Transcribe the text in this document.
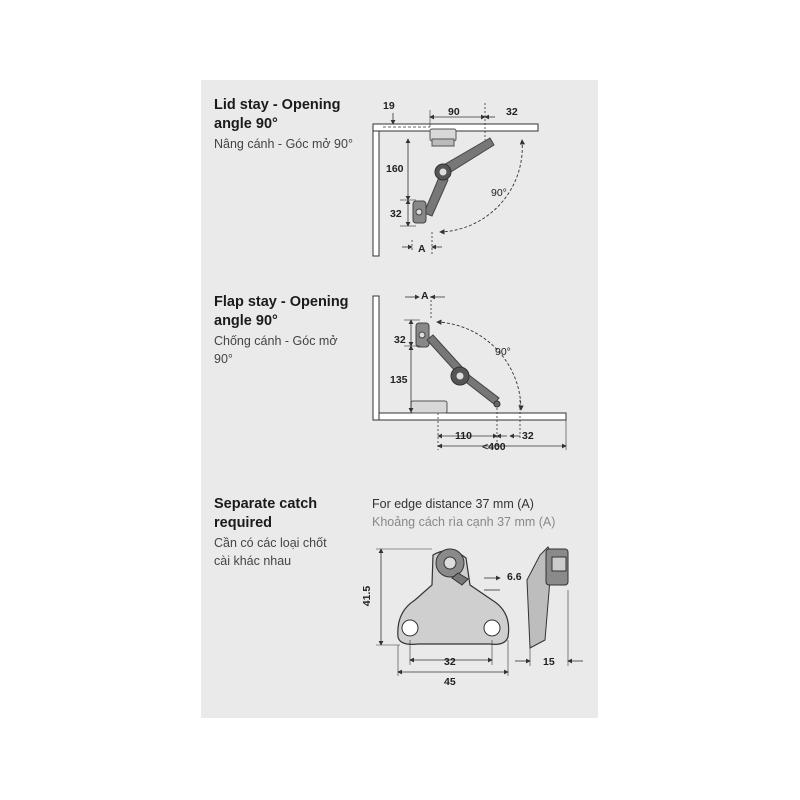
Lid stay - Opening
angle 90°
Nâng cánh - Góc mở 90°
Flap stay - Opening
angle 90°
Chống cánh - Góc mở
90°
Separate catch
required
Cần có các loại chốt
cài khác nhau
For edge distance 37 mm (A)
Khoảng cách rìa cạnh 37 mm (A)
19	90	32
160
32
A
90°
A
32
135
90°
110	32
<400
41.5
6.6
32
45
15
